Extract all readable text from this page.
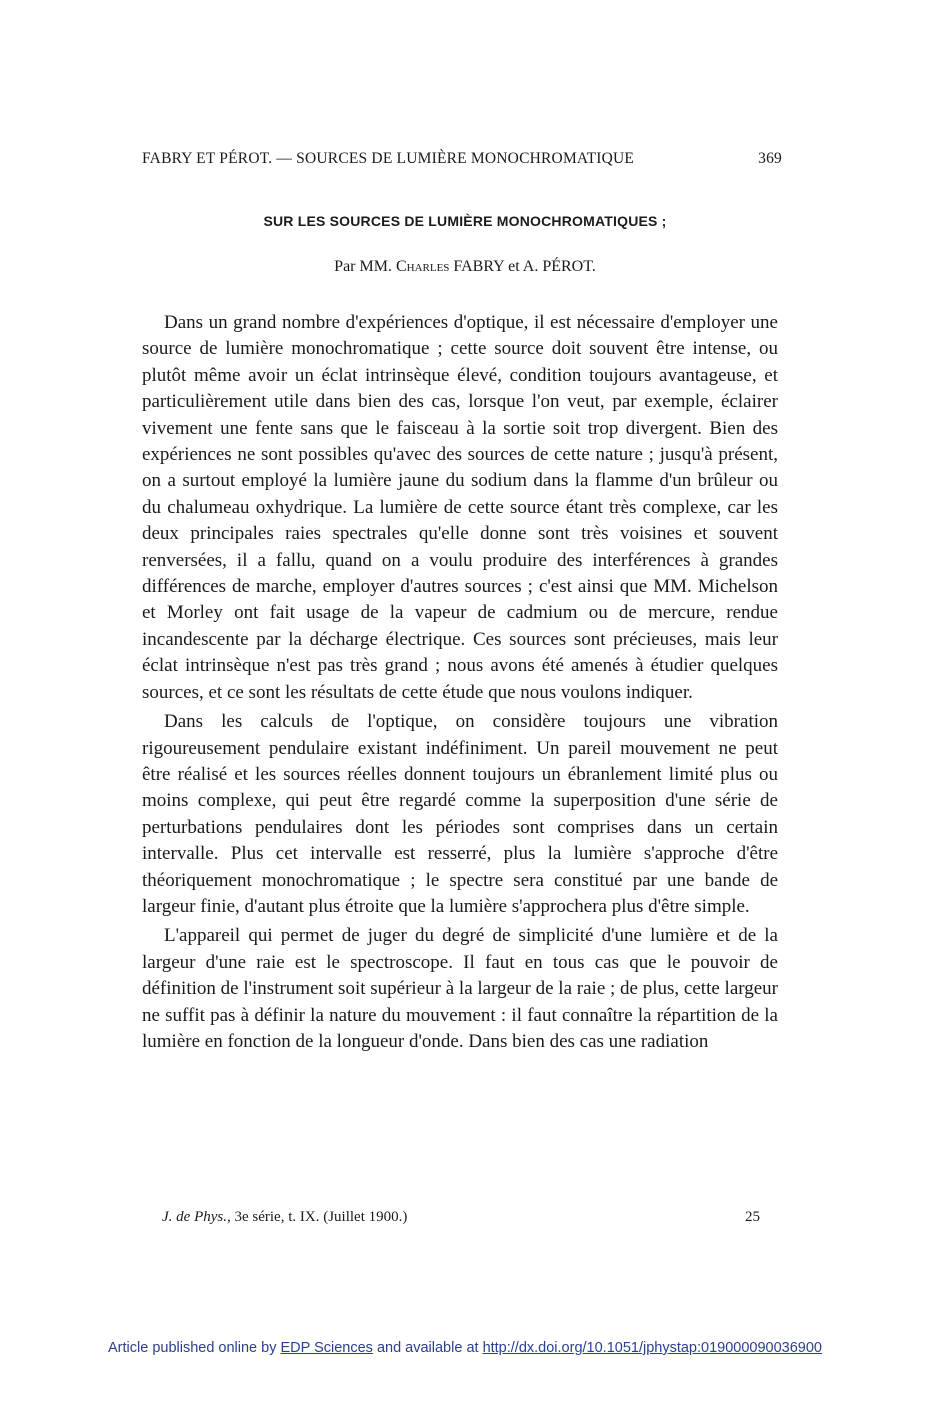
FABRY ET PÉROT. — SOURCES DE LUMIÈRE MONOCHROMATIQUE	369
SUR LES SOURCES DE LUMIÈRE MONOCHROMATIQUES ;
Par MM. Charles FABRY et A. PÉROT.

Dans un grand nombre d'expériences d'optique, il est nécessaire d'employer une source de lumière monochromatique ; cette source doit souvent être intense, ou plutôt même avoir un éclat intrinsèque élevé, condition toujours avantageuse, et particulièrement utile dans bien des cas, lorsque l'on veut, par exemple, éclairer vivement une fente sans que le faisceau à la sortie soit trop divergent. Bien des expériences ne sont possibles qu'avec des sources de cette nature ; jusqu'à présent, on a surtout employé la lumière jaune du sodium dans la flamme d'un brûleur ou du chalumeau oxhydrique. La lumière de cette source étant très complexe, car les deux principales raies spectrales qu'elle donne sont très voisines et souvent renversées, il a fallu, quand on a voulu produire des interférences à grandes différences de marche, employer d'autres sources ; c'est ainsi que MM. Michelson et Morley ont fait usage de la vapeur de cadmium ou de mercure, rendue incandescente par la décharge électrique. Ces sources sont précieuses, mais leur éclat intrinsèque n'est pas très grand ; nous avons été amenés à étudier quelques sources, et ce sont les résultats de cette étude que nous voulons indiquer.

Dans les calculs de l'optique, on considère toujours une vibration rigoureusement pendulaire existant indéfiniment. Un pareil mouvement ne peut être réalisé et les sources réelles donnent toujours un ébranlement limité plus ou moins complexe, qui peut être regardé comme la superposition d'une série de perturbations pendulaires dont les périodes sont comprises dans un certain intervalle. Plus cet intervalle est resserré, plus la lumière s'approche d'être théoriquement monochromatique ; le spectre sera constitué par une bande de largeur finie, d'autant plus étroite que la lumière s'approchera plus d'être simple.

L'appareil qui permet de juger du degré de simplicité d'une lumière et de la largeur d'une raie est le spectroscope. Il faut en tous cas que le pouvoir de définition de l'instrument soit supérieur à la largeur de la raie ; de plus, cette largeur ne suffit pas à définir la nature du mouvement : il faut connaître la répartition de la lumière en fonction de la longueur d'onde. Dans bien des cas une radiation

J. de Phys., 3e série, t. IX. (Juillet 1900.)	25
Article published online by EDP Sciences and available at http://dx.doi.org/10.1051/jphystap:019000090036900
